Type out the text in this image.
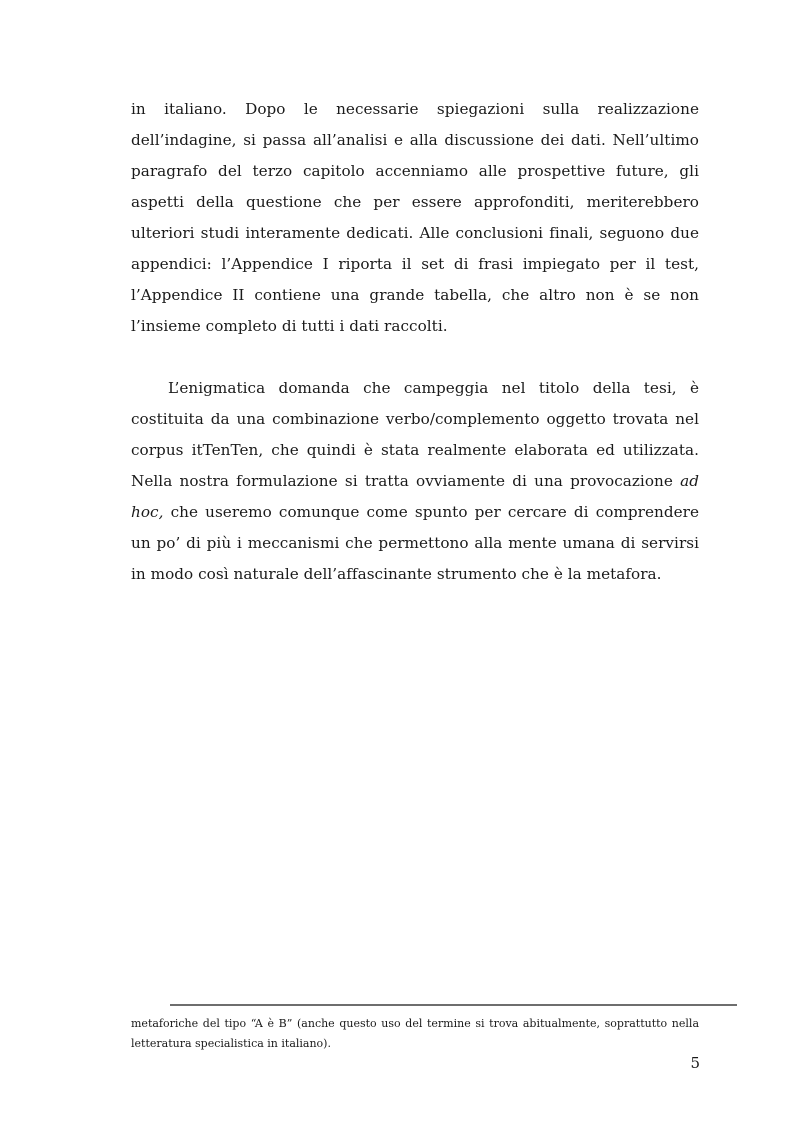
in italiano. Dopo le necessarie spiegazioni sulla realizzazione dell’indagine, si passa all’analisi e alla discussione dei dati. Nell’ultimo paragrafo del terzo capitolo accenniamo alle prospettive future, gli aspetti della questione che per essere approfonditi, meriterebbero ulteriori studi interamente dedicati. Alle conclusioni finali, seguono due appendici: l’Appendice I riporta il set di frasi impiegato per il test, l’Appendice II contiene una grande tabella, che altro non è se non l’insieme completo di tutti i dati raccolti.

L’enigmatica domanda che campeggia nel titolo della tesi, è costituita da una combinazione verbo/complemento oggetto trovata nel corpus itTenTen, che quindi è stata realmente elaborata ed utilizzata. Nella nostra formulazione si tratta ovviamente di una provocazione ad hoc, che useremo comunque come spunto per cercare di comprendere un po’ di più i meccanismi che permettono alla mente umana di servirsi in modo così naturale dell’affascinante strumento che è la metafora.

metaforiche del tipo “A è B” (anche questo uso del termine si trova abitualmente, soprattutto nella letteratura specialistica in italiano).
5
